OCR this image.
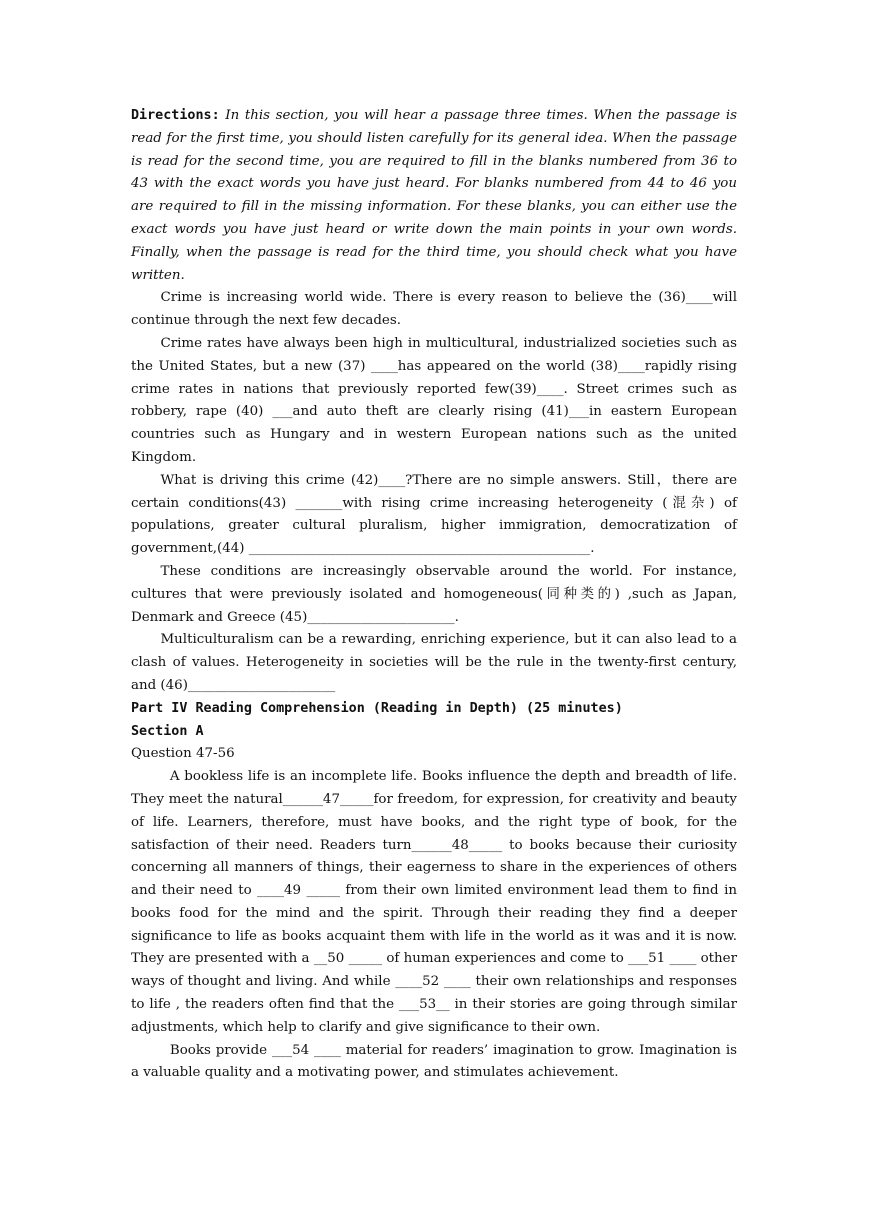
Directions: In this section, you will hear a passage three times. When the passage is read for the first time, you should listen carefully for its general idea. When the passage is read for the second time, you are required to fill in the blanks numbered from 36 to 43 with the exact words you have just heard. For blanks numbered from 44 to 46 you are required to fill in the missing information. For these blanks, you can either use the exact words you have just heard or write down the main points in your own words. Finally, when the passage is read for the third time, you should check what you have written.

Crime is increasing world wide. There is every reason to believe the (36)____will continue through the next few decades.

Crime rates have always been high in multicultural, industrialized societies such as the United States, but a new (37) ____has appeared on the world (38)____rapidly rising crime rates in nations that previously reported few(39)____. Street crimes such as robbery, rape (40) ___and auto theft are clearly rising (41)___in eastern European countries such as Hungary and in western European nations such as the united Kingdom.

What is driving this crime (42)____?There are no simple answers. Still，there are certain conditions(43) _______with rising crime increasing heterogeneity (混杂) of populations, greater cultural pluralism, higher immigration, democratization of government,(44) ___________________________________________________.

These conditions are increasingly observable around the world. For instance, cultures that were previously isolated and homogeneous(同种类的) ,such as Japan, Denmark and Greece (45)______________________.

Multiculturalism can be a rewarding, enriching experience, but it can also lead to a clash of values. Heterogeneity in societies will be the rule in the twenty-first century, and (46)______________________

Part IV Reading Comprehension (Reading in Depth) (25 minutes)

Section A

Question 47-56

A bookless life is an incomplete life. Books influence the depth and breadth of life. They meet the natural______47_____for freedom, for expression, for creativity and beauty of life. Learners, therefore, must have books, and the right type of book, for the satisfaction of their need. Readers turn______48_____ to books because their curiosity concerning all manners of things, their eagerness to share in the experiences of others and their need to ____49 _____ from their own limited environment lead them to find in books food for the mind and the spirit. Through their reading they find a deeper significance to life as books acquaint them with life in the world as it was and it is now. They are presented with a __50 _____ of human experiences and come to ___51 ____ other ways of thought and living. And while ____52 ____ their own relationships and responses to life , the readers often find that the ___53__ in their stories are going through similar adjustments, which help to clarify and give significance to their own.

Books provide ___54 ____ material for readers’ imagination to grow. Imagination is a valuable quality and a motivating power, and stimulates achievement.
